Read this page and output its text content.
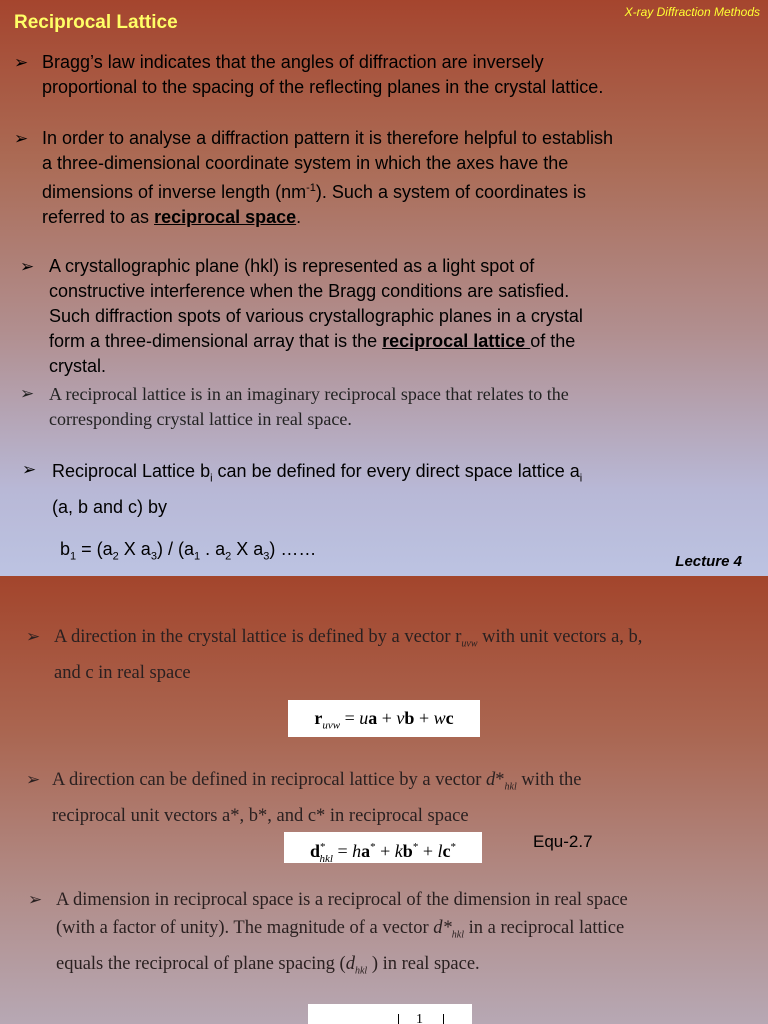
Reciprocal Lattice	X-ray Diffraction Methods
➢ Bragg’s law indicates that the angles of diffraction are inversely
proportional to the spacing of the reflecting planes in the crystal lattice.
➢ In order to analyse a diffraction pattern it is therefore helpful to establish
a three-dimensional coordinate system in which the axes have the
dimensions of inverse length $(nm^{-1})$. Such a system of coordinates is
referred to as reciprocal space.
➢ A crystallographic plane (hkl) is represented as a light spot of
constructive interference when the Bragg conditions are satisfied.
Such diffraction spots of various crystallographic planes in a crystal
form a three-dimensional array that is the reciprocal lattice of the
crystal.
➢ A reciprocal lattice is in an imaginary reciprocal space that relates to the
corresponding crystal lattice in real space.
➢ Reciprocal Lattice $b_i$ can be defined for every direct space lattice $a_i$
(a, b and c) by
$b_1 = (a_2$ X $a_3) / (a_1$ . $a_2$ X $a_3$) ……
Lecture 4
➢ A direction in the crystal lattice is defined by a vector $r_{uvw}$ with unit vectors a, b,
and c in real space
$r_{uvw}$ = ua + vb + wc
➢ A direction can be defined in reciprocal lattice by a vector $d*_{hkl}$ with the
reciprocal unit vectors a*, b*, and c* in reciprocal space
$d^*_{hkl} = ha^* + kb^* + lc^*$	Equ-2.7
➢ A dimension in reciprocal space is a reciprocal of the dimension in real space
(with a factor of unity). The magnitude of a vector $d*_{hkl}$ in a reciprocal lattice
equals the reciprocal of plane spacing ($d_{hkl}$ ) in real space.
1
